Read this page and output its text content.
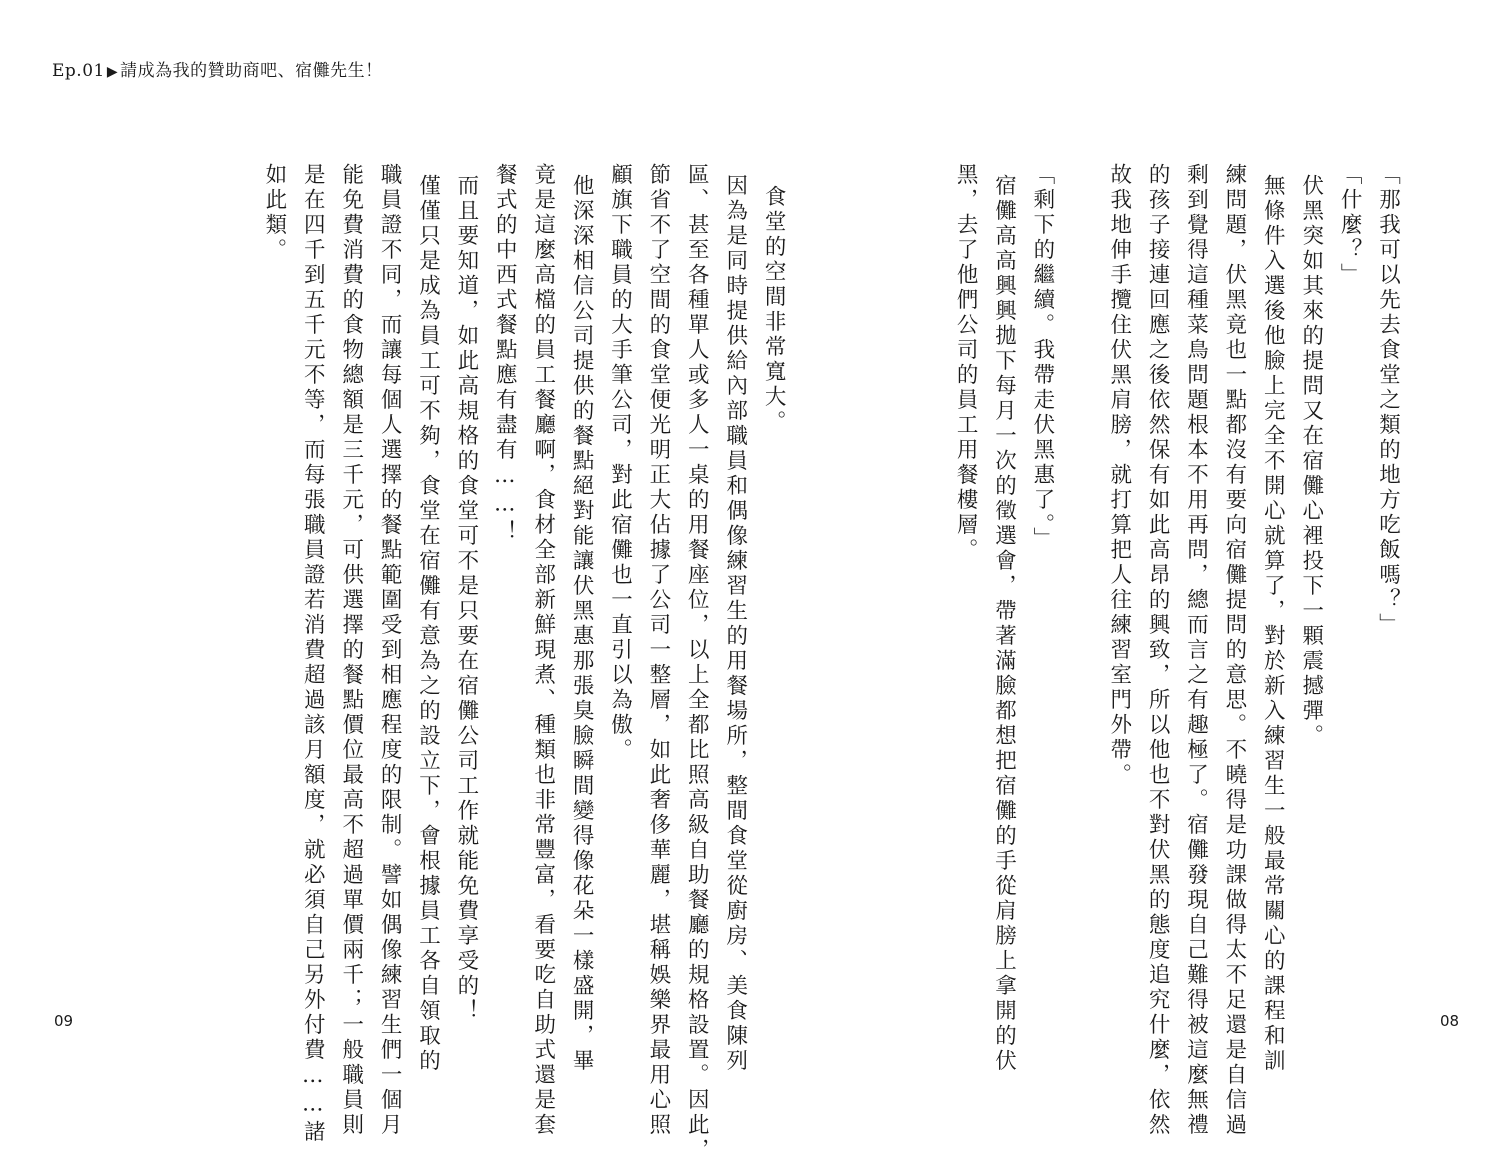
Ep.01 ▶ 請成為我的贊助商吧、宿儺先生！
「那我可以先去食堂之類的地方吃飯嗎？」
「什麼？」
伏黑突如其來的提問又在宿儺心裡投下一顆震撼彈。
無條件入選後他臉上完全不開心就算了，對於新入練習生一般最常關心的課程和訓
練問題，伏黑竟也一點都沒有要向宿儺提問的意思。不曉得是功課做得太不足還是自信過
剩到覺得這種菜鳥問題根本不用再問，總而言之有趣極了。宿儺發現自己難得被這麼無禮
的孩子接連回應之後依然保有如此高昂的興致，所以他也不對伏黑的態度追究什麼，依然
故我地伸手攬住伏黑肩膀，就打算把人往練習室門外帶。
「剩下的繼續。我帶走伏黑惠了。」
宿儺高高興興拋下每月一次的徵選會，帶著滿臉都想把宿儺的手從肩膀上拿開的伏
黑，去了他們公司的員工用餐樓層。
食堂的空間非常寬大。
因為是同時提供給內部職員和偶像練習生的用餐場所，整間食堂從廚房、美食陳列
區、甚至各種單人或多人一桌的用餐座位，以上全都比照高級自助餐廳的規格設置。因此，
節省不了空間的食堂便光明正大佔據了公司一整層，如此奢侈華麗，堪稱娛樂界最用心照
顧旗下職員的大手筆公司，對此宿儺也一直引以為傲。
他深深相信公司提供的餐點絕對能讓伏黑惠那張臭臉瞬間變得像花朵一樣盛開，畢
竟是這麼高檔的員工餐廳啊，食材全部新鮮現煮、種類也非常豐富，看要吃自助式還是套
餐式的中西式餐點應有盡有……！
而且要知道，如此高規格的食堂可不是只要在宿儺公司工作就能免費享受的！
僅僅只是成為員工可不夠，食堂在宿儺有意為之的設立下，會根據員工各自領取的
職員證不同，而讓每個人選擇的餐點範圍受到相應程度的限制。譬如偶像練習生們一個月
能免費消費的食物總額是三千元，可供選擇的餐點價位最高不超過單價兩千；一般職員則
是在四千到五千元不等，而每張職員證若消費超過該月額度，就必須自己另外付費……諸
如此類。
09	08
